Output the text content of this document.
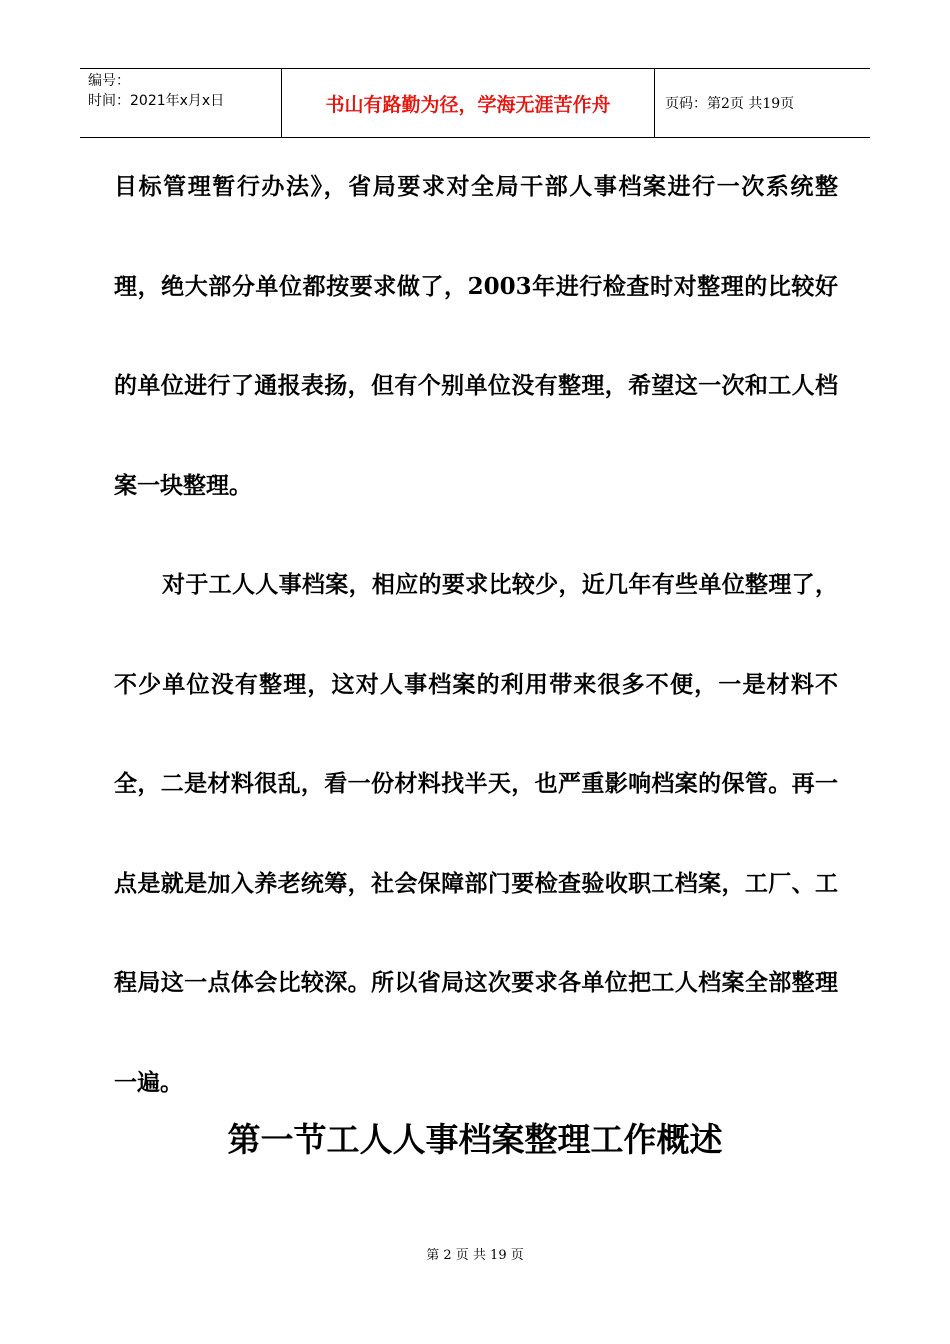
编号：
时间：2021年x月x日	书山有路勤为径，学海无涯苦作舟	页码：第2页 共19页

目标管理暂行办法》，省局要求对全局干部人事档案进行一次系统整理，绝大部分单位都按要求做了，2003年进行检查时对整理的比较好的单位进行了通报表扬，但有个别单位没有整理，希望这一次和工人档案一块整理。

对于工人人事档案，相应的要求比较少，近几年有些单位整理了，不少单位没有整理，这对人事档案的利用带来很多不便，一是材料不全，二是材料很乱，看一份材料找半天，也严重影响档案的保管。再一点是就是加入养老统筹，社会保障部门要检查验收职工档案，工厂、工程局这一点体会比较深。所以省局这次要求各单位把工人档案全部整理一遍。

第一节工人人事档案整理工作概述
第 2 页 共 19 页
